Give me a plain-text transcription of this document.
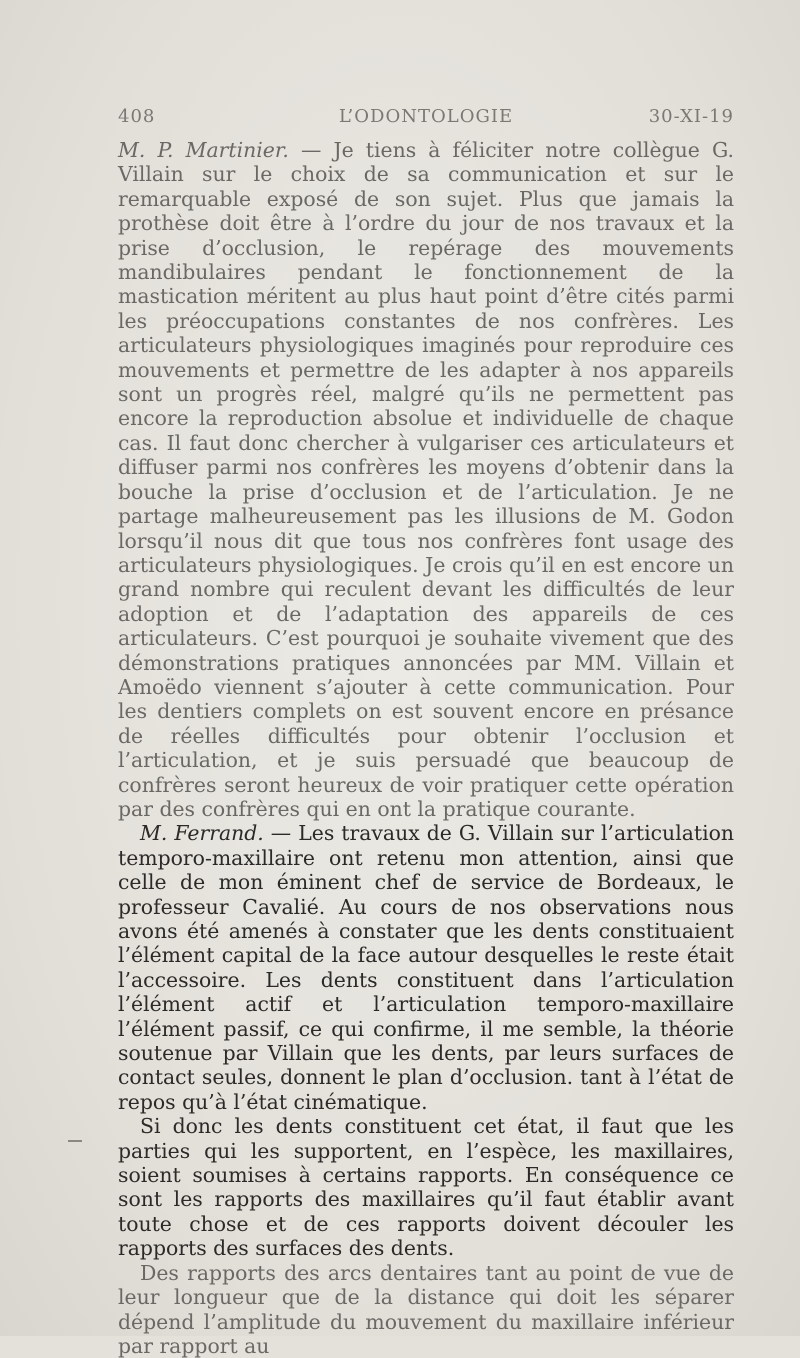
408	L’ODONTOLOGIE	30-XI-19

M. P. Martinier. — Je tiens à féliciter notre collègue G. Villain sur le choix de sa communication et sur le remarquable exposé de son sujet. Plus que jamais la prothèse doit être à l’ordre du jour de nos travaux et la prise d’occlusion, le repérage des mouvements mandibulaires pendant le fonctionnement de la mastication méritent au plus haut point d’être cités parmi les préoccupations constantes de nos confrères. Les articulateurs physiologiques imaginés pour reproduire ces mouvements et permettre de les adapter à nos appareils sont un progrès réel, malgré qu’ils ne permettent pas encore la reproduction absolue et individuelle de chaque cas. Il faut donc chercher à vulgariser ces articulateurs et diffuser parmi nos confrères les moyens d’obtenir dans la bouche la prise d’occlusion et de l’articulation. Je ne partage malheureusement pas les illusions de M. Godon lorsqu’il nous dit que tous nos confrères font usage des articulateurs physiologiques. Je crois qu’il en est encore un grand nombre qui reculent devant les difficultés de leur adoption et de l’adaptation des appareils de ces articulateurs. C’est pourquoi je souhaite vivement que des démonstrations pratiques annoncées par MM. Villain et Amoëdo viennent s’ajouter à cette communication. Pour les dentiers complets on est souvent encore en présance de réelles difficultés pour obtenir l’occlusion et l’articulation, et je suis persuadé que beaucoup de confrères seront heureux de voir pratiquer cette opération par des confrères qui en ont la pratique courante.

M. Ferrand. — Les travaux de G. Villain sur l’articulation temporo-maxillaire ont retenu mon attention, ainsi que celle de mon éminent chef de service de Bordeaux, le professeur Cavalié. Au cours de nos observations nous avons été amenés à constater que les dents constituaient l’élément capital de la face autour desquelles le reste était l’accessoire. Les dents constituent dans l’articulation l’élément actif et l’articulation temporo-maxillaire l’élément passif, ce qui confirme, il me semble, la théorie soutenue par Villain que les dents, par leurs surfaces de contact seules, donnent le plan d’occlusion. tant à l’état de repos qu’à l’état cinématique.

Si donc les dents constituent cet état, il faut que les parties qui les supportent, en l’espèce, les maxillaires, soient soumises à certains rapports. En conséquence ce sont les rapports des maxillaires qu’il faut établir avant toute chose et de ces rapports doivent découler les rapports des surfaces des dents.

Des rapports des arcs dentaires tant au point de vue de leur longueur que de la distance qui doit les séparer dépend l’amplitude du mouvement du maxillaire inférieur par rapport au
